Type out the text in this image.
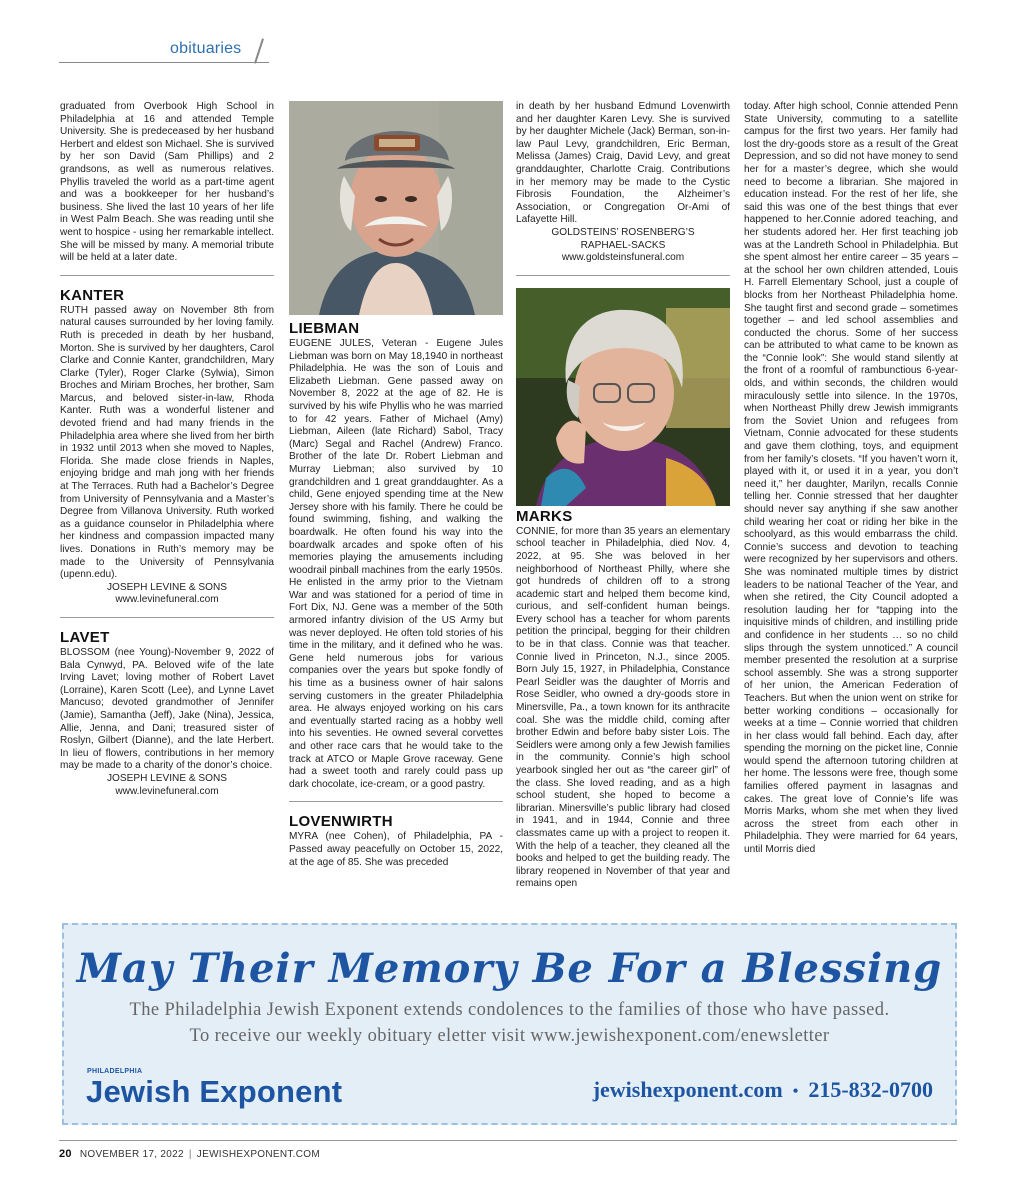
obituaries

graduated from Overbook High School in Philadelphia at 16 and attended Temple University. She is predeceased by her husband Herbert and eldest son Michael. She is survived by her son David (Sam Phillips) and 2 grandsons, as well as numerous relatives. Phyllis traveled the world as a part-time agent and was a bookkeeper for her husband’s business. She lived the last 10 years of her life in West Palm Beach. She was reading until she went to hospice - using her remarkable intellect. She will be missed by many. A memorial tribute will be held at a later date.

KANTER

RUTH passed away on November 8th from natural causes surrounded by her loving family. Ruth is preceded in death by her husband, Morton. She is survived by her daughters, Carol Clarke and Connie Kanter, grandchildren, Mary Clarke (Tyler), Roger Clarke (Sylwia), Simon Broches and Miriam Broches, her brother, Sam Marcus, and beloved sister-in-law, Rhoda Kanter. Ruth was a wonderful listener and devoted friend and had many friends in the Philadelphia area where she lived from her birth in 1932 until 2013 when she moved to Naples, Florida. She made close friends in Naples, enjoying bridge and mah jong with her friends at The Terraces. Ruth had a Bachelor’s Degree from University of Pennsylvania and a Master’s Degree from Villanova University. Ruth worked as a guidance counselor in Philadelphia where her kindness and compassion impacted many lives. Donations in Ruth’s memory may be made to the University of Pennsylvania (upenn.edu).

JOSEPH LEVINE & SONS

www.levinefuneral.com

LAVET

BLOSSOM (nee Young)-November 9, 2022 of Bala Cynwyd, PA. Beloved wife of the late Irving Lavet; loving mother of Robert Lavet (Lorraine), Karen Scott (Lee), and Lynne Lavet Mancuso; devoted grandmother of Jennifer (Jamie), Samantha (Jeff), Jake (Nina), Jessica, Allie, Jenna, and Dani; treasured sister of Roslyn, Gilbert (Dianne), and the late Herbert. In lieu of flowers, contributions in her memory may be made to a charity of the donor’s choice.

JOSEPH LEVINE & SONS

www.levinefuneral.com

LIEBMAN

EUGENE JULES, Veteran - Eugene Jules Liebman was born on May 18,1940 in northeast Philadelphia. He was the son of Louis and Elizabeth Liebman. Gene passed away on November 8, 2022 at the age of 82. He is survived by his wife Phyllis who he was married to for 42 years. Father of Michael (Amy) Liebman, Aileen (late Richard) Sabol, Tracy (Marc) Segal and Rachel (Andrew) Franco. Brother of the late Dr. Robert Liebman and Murray Liebman; also survived by 10 grandchildren and 1 great granddaughter. As a child, Gene enjoyed spending time at the New Jersey shore with his family. There he could be found swimming, fishing, and walking the boardwalk. He often found his way into the boardwalk arcades and spoke often of his memories playing the amusements including woodrail pinball machines from the early 1950s. He enlisted in the army prior to the Vietnam War and was stationed for a period of time in Fort Dix, NJ. Gene was a member of the 50th armored infantry division of the US Army but was never deployed. He often told stories of his time in the military, and it defined who he was. Gene held numerous jobs for various companies over the years but spoke fondly of his time as a business owner of hair salons serving customers in the greater Philadelphia area. He always enjoyed working on his cars and eventually started racing as a hobby well into his seventies. He owned several corvettes and other race cars that he would take to the track at ATCO or Maple Grove raceway. Gene had a sweet tooth and rarely could pass up dark chocolate, ice-cream, or a good pastry.

LOVENWIRTH

MYRA (nee Cohen), of Philadelphia, PA - Passed away peacefully on October 15, 2022, at the age of 85. She was preceded

in death by her husband Edmund Lovenwirth and her daughter Karen Levy. She is survived by her daughter Michele (Jack) Berman, son-in-law Paul Levy, grandchildren, Eric Berman, Melissa (James) Craig, David Levy, and great granddaughter, Charlotte Craig. Contributions in her memory may be made to the Cystic Fibrosis Foundation, the Alzheimer’s Association, or Congregation Or-Ami of Lafayette Hill.

GOLDSTEINS’ ROSENBERG’S

RAPHAEL-SACKS

www.goldsteinsfuneral.com

MARKS

CONNIE, for more than 35 years an elementary school teacher in Philadelphia, died Nov. 4, 2022, at 95. She was beloved in her neighborhood of Northeast Philly, where she got hundreds of children off to a strong academic start and helped them become kind, curious, and self-confident human beings. Every school has a teacher for whom parents petition the principal, begging for their children to be in that class. Connie was that teacher. Connie lived in Princeton, N.J., since 2005. Born July 15, 1927, in Philadelphia, Constance Pearl Seidler was the daughter of Morris and Rose Seidler, who owned a dry-goods store in Minersville, Pa., a town known for its anthracite coal. She was the middle child, coming after brother Edwin and before baby sister Lois. The Seidlers were among only a few Jewish families in the community. Connie’s high school yearbook singled her out as “the career girl” of the class. She loved reading, and as a high school student, she hoped to become a librarian. Minersville’s public library had closed in 1941, and in 1944, Connie and three classmates came up with a project to reopen it. With the help of a teacher, they cleaned all the books and helped to get the building ready. The library reopened in November of that year and remains open

today. After high school, Connie attended Penn State University, commuting to a satellite campus for the first two years. Her family had lost the dry-goods store as a result of the Great Depression, and so did not have money to send her for a master’s degree, which she would need to become a librarian. She majored in education instead. For the rest of her life, she said this was one of the best things that ever happened to her.Connie adored teaching, and her students adored her. Her first teaching job was at the Landreth School in Philadelphia. But she spent almost her entire career – 35 years – at the school her own children attended, Louis H. Farrell Elementary School, just a couple of blocks from her Northeast Philadelphia home. She taught first and second grade – sometimes together – and led school assemblies and conducted the chorus. Some of her success can be attributed to what came to be known as the “Connie look”: She would stand silently at the front of a roomful of rambunctious 6-year-olds, and within seconds, the children would miraculously settle into silence. In the 1970s, when Northeast Philly drew Jewish immigrants from the Soviet Union and refugees from Vietnam, Connie advocated for these students and gave them clothing, toys, and equipment from her family’s closets. “If you haven’t worn it, played with it, or used it in a year, you don’t need it,” her daughter, Marilyn, recalls Connie telling her. Connie stressed that her daughter should never say anything if she saw another child wearing her coat or riding her bike in the schoolyard, as this would embarrass the child. Connie’s success and devotion to teaching were recognized by her supervisors and others. She was nominated multiple times by district leaders to be national Teacher of the Year, and when she retired, the City Council adopted a resolution lauding her for “tapping into the inquisitive minds of children, and instilling pride and confidence in her students … so no child slips through the system unnoticed.” A council member presented the resolution at a surprise school assembly. She was a strong supporter of her union, the American Federation of Teachers. But when the union went on strike for better working conditions – occasionally for weeks at a time – Connie worried that children in her class would fall behind. Each day, after spending the morning on the picket line, Connie would spend the afternoon tutoring children at her home. The lessons were free, though some families offered payment in lasagnas and cakes. The great love of Connie’s life was Morris Marks, whom she met when they lived across the street from each other in Philadelphia. They were married for 64 years, until Morris died

May Their Memory Be For a Blessing
The Philadelphia Jewish Exponent extends condolences to the families of those who have passed.
To receive our weekly obituary eletter visit www.jewishexponent.com/enewsletter
PHILADELPHIA
Jewish Exponent	jewishexponent.com • 215-832-0700
20 NOVEMBER 17, 2022 | JEWISHEXPONENT.COM
